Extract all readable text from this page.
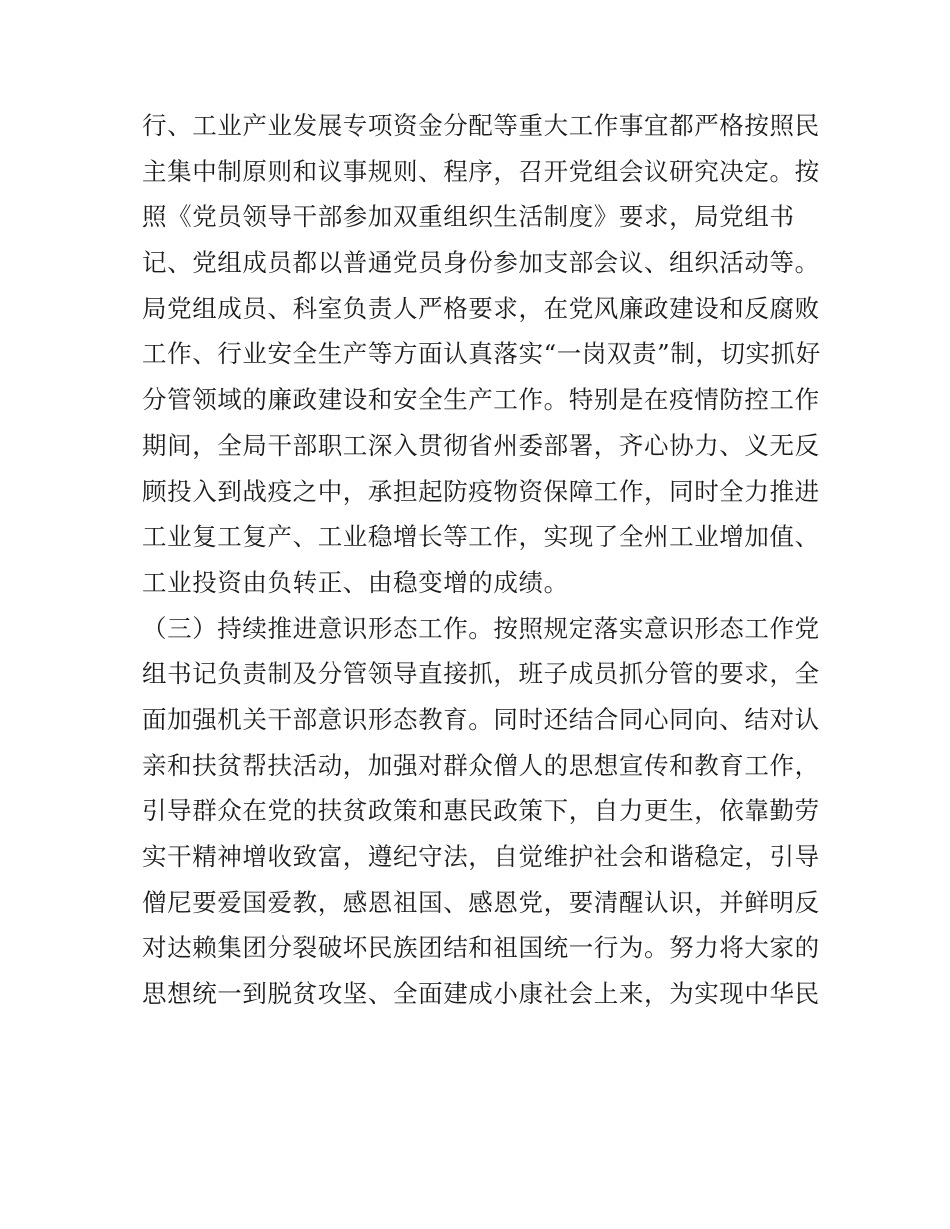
行、工业产业发展专项资金分配等重大工作事宜都严格按照民
主集中制原则和议事规则、程序，召开党组会议研究决定。按
照《党员领导干部参加双重组织生活制度》要求，局党组书
记、党组成员都以普通党员身份参加支部会议、组织活动等。
局党组成员、科室负责人严格要求，在党风廉政建设和反腐败
工作、行业安全生产等方面认真落实“一岗双责”制，切实抓好
分管领域的廉政建设和安全生产工作。特别是在疫情防控工作
期间，全局干部职工深入贯彻省州委部署，齐心协力、义无反
顾投入到战疫之中，承担起防疫物资保障工作，同时全力推进
工业复工复产、工业稳增长等工作，实现了全州工业增加值、
工业投资由负转正、由稳变增的成绩。
（三）持续推进意识形态工作。按照规定落实意识形态工作党
组书记负责制及分管领导直接抓，班子成员抓分管的要求，全
面加强机关干部意识形态教育。同时还结合同心同向、结对认
亲和扶贫帮扶活动，加强对群众僧人的思想宣传和教育工作，
引导群众在党的扶贫政策和惠民政策下，自力更生，依靠勤劳
实干精神增收致富，遵纪守法，自觉维护社会和谐稳定，引导
僧尼要爱国爱教，感恩祖国、感恩党，要清醒认识，并鲜明反
对达赖集团分裂破坏民族团结和祖国统一行为。努力将大家的
思想统一到脱贫攻坚、全面建成小康社会上来，为实现中华民
